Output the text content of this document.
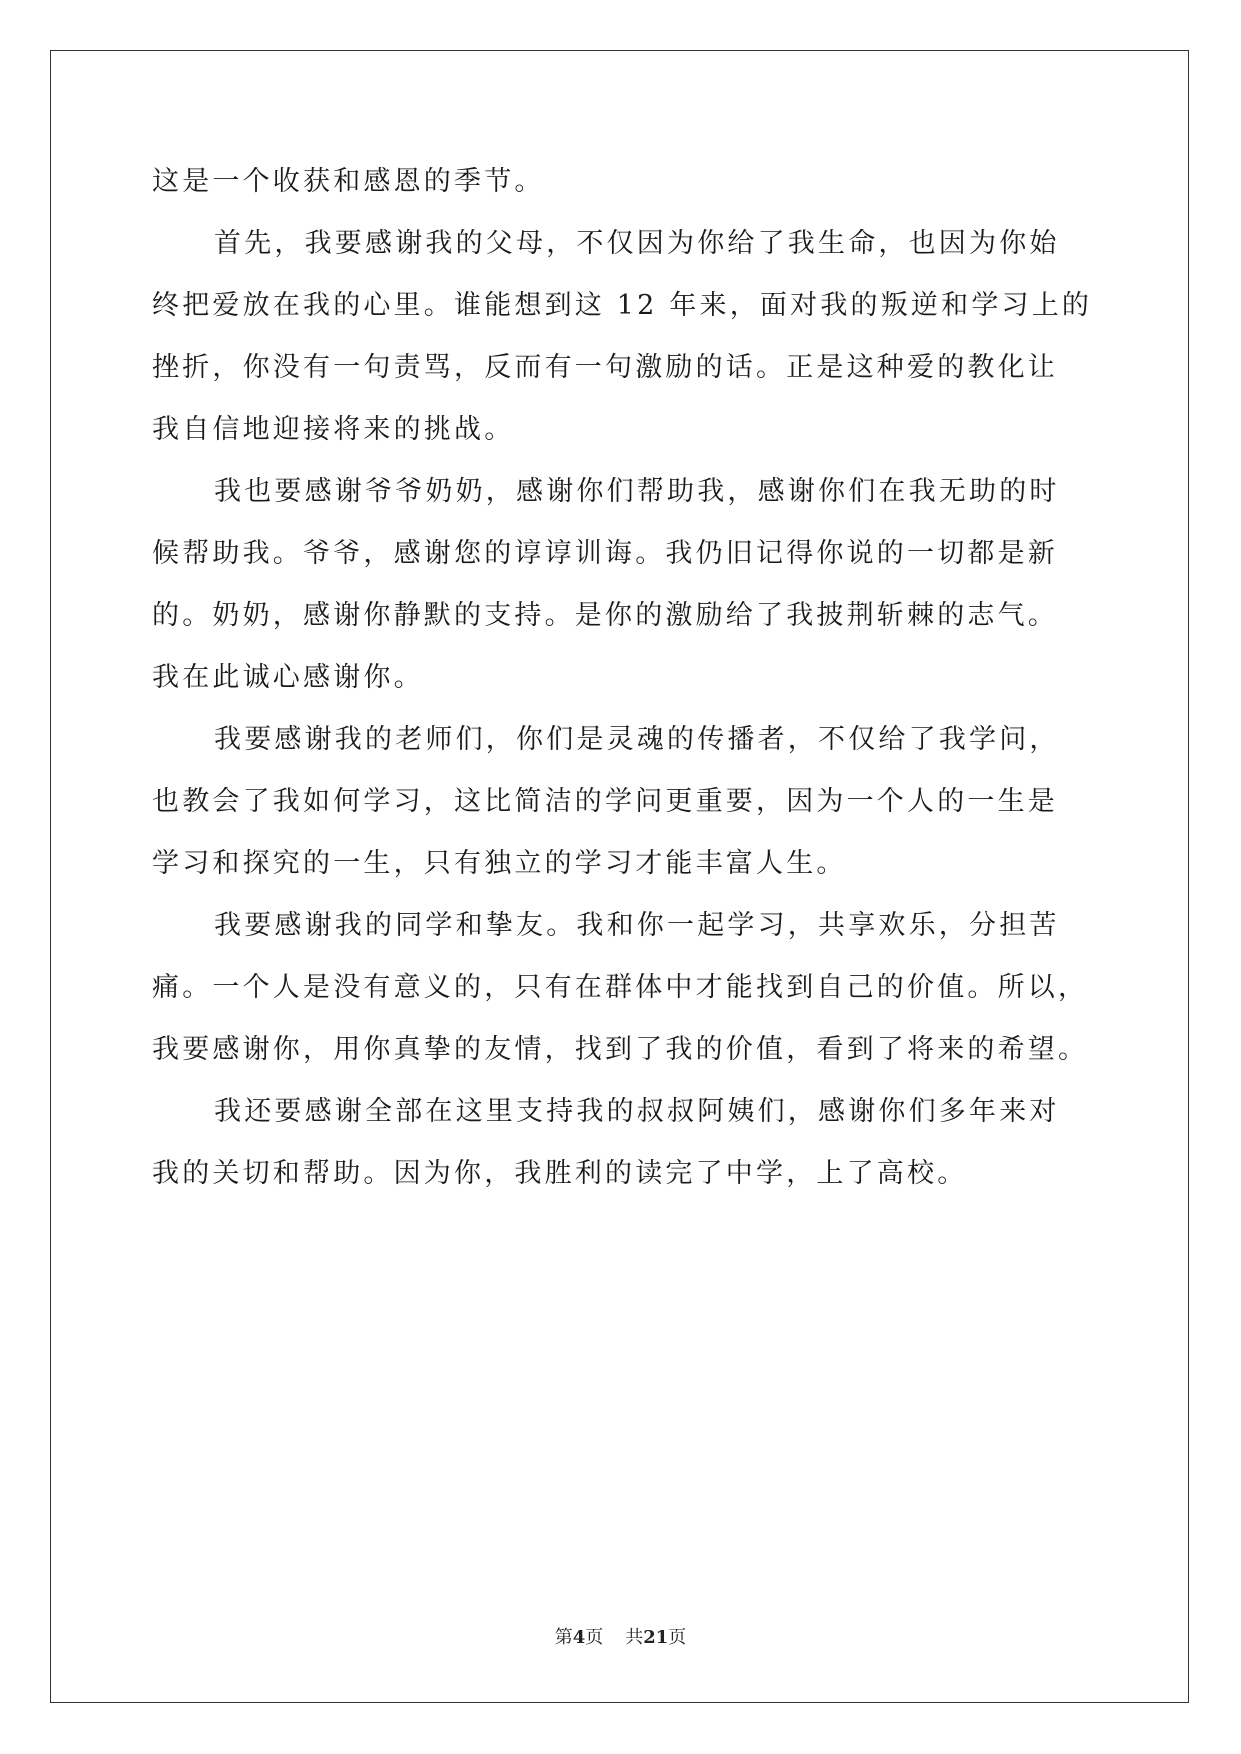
这是一个收获和感恩的季节。
首先，我要感谢我的父母，不仅因为你给了我生命，也因为你始
终把爱放在我的心里。谁能想到这 12 年来，面对我的叛逆和学习上的
挫折，你没有一句责骂，反而有一句激励的话。正是这种爱的教化让
我自信地迎接将来的挑战。
我也要感谢爷爷奶奶，感谢你们帮助我，感谢你们在我无助的时
候帮助我。爷爷，感谢您的谆谆训诲。我仍旧记得你说的一切都是新
的。奶奶，感谢你静默的支持。是你的激励给了我披荆斩棘的志气。
我在此诚心感谢你。
我要感谢我的老师们，你们是灵魂的传播者，不仅给了我学问，
也教会了我如何学习，这比简洁的学问更重要，因为一个人的一生是
学习和探究的一生，只有独立的学习才能丰富人生。
我要感谢我的同学和挚友。我和你一起学习，共享欢乐，分担苦
痛。一个人是没有意义的，只有在群体中才能找到自己的价值。所以，
我要感谢你，用你真挚的友情，找到了我的价值，看到了将来的希望。
我还要感谢全部在这里支持我的叔叔阿姨们，感谢你们多年来对
我的关切和帮助。因为你，我胜利的读完了中学，上了高校。
第4页 共21页
